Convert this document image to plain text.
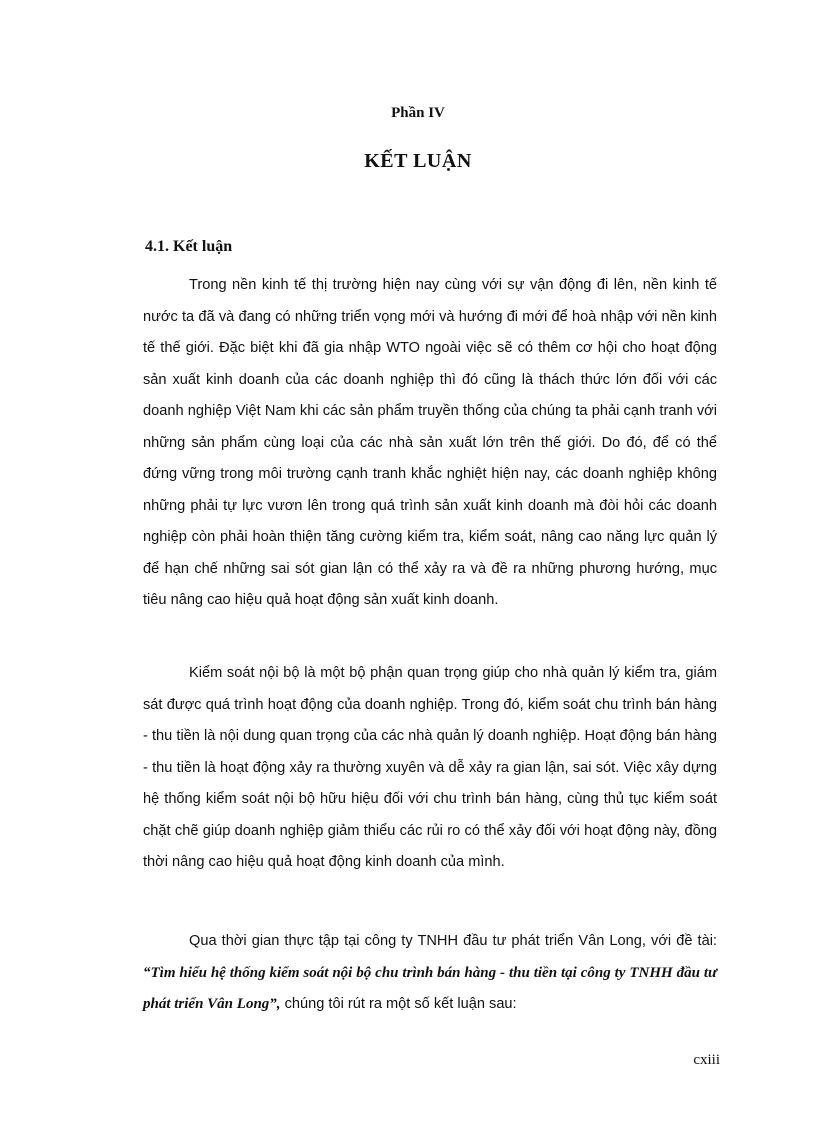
Phần IV
KẾT LUẬN
4.1. Kết luận

Trong nền kinh tế thị trường hiện nay cùng với sự vận động đi lên, nền kinh tế nước ta đã và đang có những triển vọng mới và hướng đi mới để hoà nhập với nền kinh tế thế giới. Đặc biệt khi đã gia nhập WTO ngoài việc sẽ có thêm cơ hội cho hoạt động sản xuất kinh doanh của các doanh nghiệp thì đó cũng là thách thức lớn đối với các doanh nghiệp Việt Nam khi các sản phẩm truyền thống của chúng ta phải cạnh tranh với những sản phẩm cùng loại của các nhà sản xuất lớn trên thế giới. Do đó, để có thể đứng vững trong môi trường cạnh tranh khắc nghiệt hiện nay, các doanh nghiệp không những phải tự lực vươn lên trong quá trình sản xuất kinh doanh mà đòi hỏi các doanh nghiệp còn phải hoàn thiện tăng cường kiểm tra, kiểm soát, nâng cao năng lực quản lý để hạn chế những sai sót gian lận có thể xảy ra và đề ra những phương hướng, mục tiêu nâng cao hiệu quả hoạt động sản xuất kinh doanh.

Kiểm soát nội bộ là một bộ phận quan trọng giúp cho nhà quản lý kiểm tra, giám sát được quá trình hoạt động của doanh nghiệp. Trong đó, kiểm soát chu trình bán hàng - thu tiền là nội dung quan trọng của các nhà quản lý doanh nghiệp. Hoạt động bán hàng - thu tiền là hoạt động xảy ra thường xuyên và dễ xảy ra gian lận, sai sót. Việc xây dựng hệ thống kiểm soát nội bộ hữu hiệu đối với chu trình bán hàng, cùng thủ tục kiểm soát chặt chẽ giúp doanh nghiệp giảm thiểu các rủi ro có thể xảy đối với hoạt động này, đồng thời nâng cao hiệu quả hoạt động kinh doanh của mình.

Qua thời gian thực tập tại công ty TNHH đầu tư phát triển Vân Long, với đề tài: “Tìm hiểu hệ thống kiểm soát nội bộ chu trình bán hàng - thu tiền tại công ty TNHH đầu tư phát triển Vân Long”, chúng tôi rút ra một số kết luận sau:

cxiii
